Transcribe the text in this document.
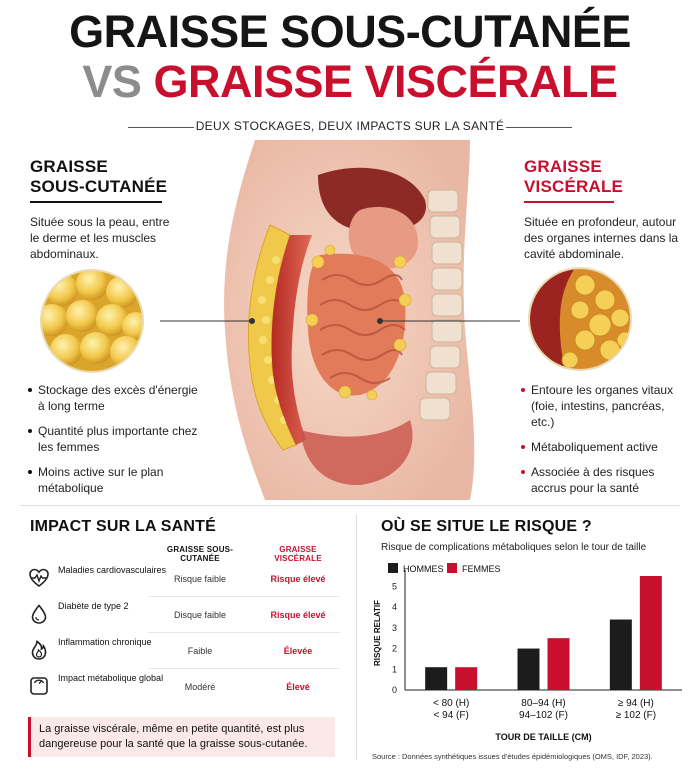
GRAISSE SOUS-CUTANÉE
VS GRAISSE VISCÉRALE
DEUX STOCKAGES, DEUX IMPACTS SUR LA SANTÉ
GRAISSE
SOUS-CUTANÉE
Située sous la peau, entre le derme et les muscles abdominaux.
Stockage des excès d'énergie à long terme
Quantité plus importante chez les femmes
Moins active sur le plan métabolique
GRAISSE
VISCÉRALE
Située en profondeur, autour des organes internes dans la cavité abdominale.
Entoure les organes vitaux (foie, intestins, pancréas, etc.)
Métaboliquement active
Associée à des risques accrus pour la santé
IMPACT SUR LA SANTÉ
GRAISSE SOUS-CUTANÉE
GRAISSE VISCÉRALE
Maladies cardiovasculaires
Risque faible	Risque élevé
Diabète de type 2
Disque faible	Risque élevé
Inflammation chronique
Faible	Élevée
Impact métabolique global
Modéré	Élevé
La graisse viscérale, même en petite quantité, est plus dangereuse pour la santé que la graisse sous-cutanée.
OÙ SE SITUE LE RISQUE ?
Risque de complications métaboliques selon le tour de taille
HOMMES	FEMMES
0
1
2
3
4
5
RISQUE RELATIF
< 80 (H)
< 94 (F)
80–94 (H)
94–102 (F)
≥ 94 (H)
≥ 102 (F)
TOUR DE TAILLE (CM)
Source : Données synthétiques issues d'études épidémiologiques (OMS, IDF, 2023).
